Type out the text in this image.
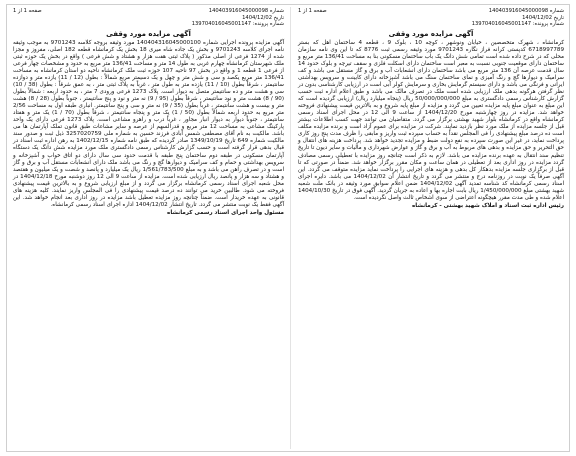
شماره 140403916045000098
تاریخ 1404/12/02
شماره پرونده: 139704016045001147
صفحه 1 از 1
آگهی مزایده مورد وقفی
آگهی مزایده پرونده اجرایی شماره 140404316045000100 مورد وثیقه بروجه کلاسه 9701243 به موجب وثیقه نامه اجرای کلاسه 9701243 و بخش یک جاده شاه میری 18 بخش یک کرمانشاه قطعه 182 اصلی، مفروز و مجزا شده از 1274 فرعی از اصلی مذکور ( پلاک ثبتی هفت هزار و هشتاد و شش فرعی ) واقع در بخش یک حوزه ثبتی ملک شهرستان کرمانشاه چهارم غربی به طول 14 متر و مساحت 136/41 متر مربع به حدود و مشخصات چهار فرعی از فرعی 1 قطعه 1 و واقع در بخش 97 ناحیه 107 حوزه ثبت ملک کرمانشاه ناحیه دو استان کرمانشاه به مساحت 136/41 متر مربع یکصد و سی و شش متر و چهل و یک دسیمتر مربع شمالاً : بطول (12 / 11) یازده متر و دوازده سانتیمتر ، شرقاً بطول (10 / 11) یازده متر به طول متر ، غرباً به پلاک ثبتی متر ، به عمق شرقاً : بطول (38 / 10) سی و هشت متر و ده سانتیمتر متصل به دیوار است. پلاک 1273 فرعی ورودی 7 متر ، به حدود اربعه : شمالاً بطول (90 / 8) هشت متر و نود سانتیمتر ، شرقاً بطول (95 / 9) نه متر و نود و پنج سانتیمتر ، جنوباً بطول (28 / 8) هشت متر و بیست و هشت سانتیمتر ، غرباً بطول (35 / 9) نه متر و سی و پنج سانتیمتر. انباری طبقه اول به مساحت 2/56 متر مربع به حدود اربعه شمالاً بطول (50 / 1) یک متر و پنجاه سانتیمتر ، شرقاً بطول (70 / 1) یک متر و هفتاد سانتیمتر ، جنوباً دیوار به دیوار انبار مجاور ، غرباً درب و راهرو مشاعی است. پلاک 1273 فرعی دارای یک واحد پارکینگ مشاعی به مساحت 12 متر مربع و قدرالسهم از عرصه و سایر مشاعات طبق قانون تملک آپارتمان ها می باشد. مالکیت به نام آقای مصطفی شمس آبادی فرزند حسین به شماره ملی 3257020759 ذیل ثبت و صدور سند مالکیت شماره 649 تاریخ 1349/10/19 صادر گردیده که طبق نامه شماره 1402/12/15 به رهن اداره ثبت اسناد در قبال بدهی قرار گرفته است و حسب گزارش کارشناس رسمی دادگستری ملک مورد مزایده شش دانگ یک دستگاه آپارتمان مسکونی در طبقه دوم ساختمان پنج طبقه با قدمت حدود سی سال دارای دو اتاق خواب و آشپزخانه و سرویس بهداشتی و حمام و کف سرامیک و دیوارها گچ و رنگ می باشد ملک دارای انشعابات مستقل آب و برق و گاز است و در تصرف راهن می باشد و به مبلغ 1/561/783/500 ریال یک میلیارد و پانصد و شصت و یک میلیون و هفتصد و هشتاد و سه هزار و پانصد ریال ارزیابی شده است. مزایده از ساعت 9 الی 12 روز دوشنبه مورخ 1404/12/18 در محل شعبه اجرای اسناد رسمی کرمانشاه برگزار می گردد و از مبلغ ارزیابی شروع و به بالاترین قیمت پیشنهادی فروخته می شود. طالبین خرید می توانند ده درصد قیمت پیشنهادی را فی المجلس واریز نمایند. کلیه هزینه های قانونی به عهده خریدار است. ضمناً چنانچه روز مزایده تعطیل باشد مزایده در روز اداری بعد انجام خواهد شد. این آگهی فقط یک نوبت منتشر می گردد. تاریخ انتشار 1404/12/02 اداره اجرای اسناد رسمی کرمانشاه.
مسئول واحد اجرای اسناد رسمی کرمانشاه
شماره 140403916045000098
تاریخ 1404/12/02
شماره پرونده: 139704016045001147
صفحه 1 از 1
آگهی مزایده مورد وقفی
کرمانشاه ، شهرک متخصصین ، خیابان ونوشهر ، کوچه 10 ، بلوک 9 ، قطعه 4 ساختمان اهل که بستر 6718997789 کدپستی کرانه فراز نگاره 9701243 مورد وثیقه رسمی ثبت 8776 که تا این وی نامه سازمان محلی که در شرح داده شده است تمامی شش دانگ یک باب ساختمان مسکونی بنا به مساحت 136/41 متر مربع و ساختمان دارای موقعیت جنوبی نسبت به معبر است ساختمان دارای اسکلت فلزی و سقف تیرچه و بلوک حدود 14 سال قدمت عرصه آن 136 متر مربع می باشد ساختمان دارای انشعابات آب و برق و گاز مستقل می باشد و کف سرامیک و دیوارها گچ و رنگ آمیزی و نمای ساختمان سنگ می باشد آشپزخانه دارای کابینت و سرویس بهداشتی ایرانی و فرنگی می باشد و دارای سیستم گرمایش بخاری و سرمایش کولر آبی است در ارزیابی کارشناسی بدون در نظر گرفتن هرگونه بدهی ملک ارزیابی شده است ملک در تصرف مالک می باشد و طبق اعلام اداره ثبت حسب گزارش کارشناس رسمی دادگستری به مبلغ 50/000/000/000 ریال (پنجاه میلیارد ریال) ارزیابی گردیده است که این مبلغ به عنوان مبلغ پایه مزایده تعیین می گردد و مزایده از مبلغ پایه شروع و به بالاترین قیمت پیشنهادی فروخته خواهد شد. مزایده در روز چهارشنبه مورخ 1404/12/20 از ساعت 9 الی 12 در محل اجرای اسناد رسمی کرمانشاه واقع در کرمانشاه بلوار شهید بهشتی برگزار می گردد. متقاضیان می توانند جهت کسب اطلاعات بیشتر قبل از جلسه مزایده از ملک مورد نظر بازدید نمایند. شرکت در مزایده برای عموم آزاد است و برنده مزایده مکلف است ده درصد مبلغ پیشنهادی را فی المجلس نقداً به حساب سپرده ثبت واریز و مابقی را ظرف مدت پنج روز کاری پرداخت نماید، در غیر این صورت سپرده به نفع دولت ضبط و مزایده تجدید خواهد شد. پرداخت هزینه های انتقال و حق التحریر و حق مزایده و بدهی های مربوط به آب و برق و گاز و عوارض شهرداری و مالیات و سایر دیون تا تاریخ تنظیم سند انتقال به عهده برنده مزایده می باشد. لازم به ذکر است چنانچه روز مزایده با تعطیلی رسمی مصادف گردد مزایده در روز اداری بعد از تعطیلی در همان ساعت و مکان مقرر برگزار خواهد شد. ضمناً در صورتی که تا قبل از برگزاری جلسه مزایده بدهکار کل بدهی و هزینه های اجرایی را پرداخت نماید مزایده متوقف می گردد. این آگهی صرفاً یک نوبت در روزنامه درج و منتشر می گردد و تاریخ انتشار آن 1404/12/02 می باشد. دایره اجرای اسناد رسمی کرمانشاه کد شناسه تمدید آگهی 1404/12/02 ضمن اعلام سوابق مورد وثیقه در بانک ملت شعبه شهید بهشتی مبلغ 1/450/000/000 ریال بابت اجاره بها و اعاده به جریان گردید. آگهی فوق در تاریخ 1404/10/30 اعلام شده و طی مدت مقرر هیچگونه اعتراضی از سوی اشخاص ثالث واصل نگردیده است.
رئیس اداره ثبت اسناد و املاک شهید بهشتی - کرمانشاه
